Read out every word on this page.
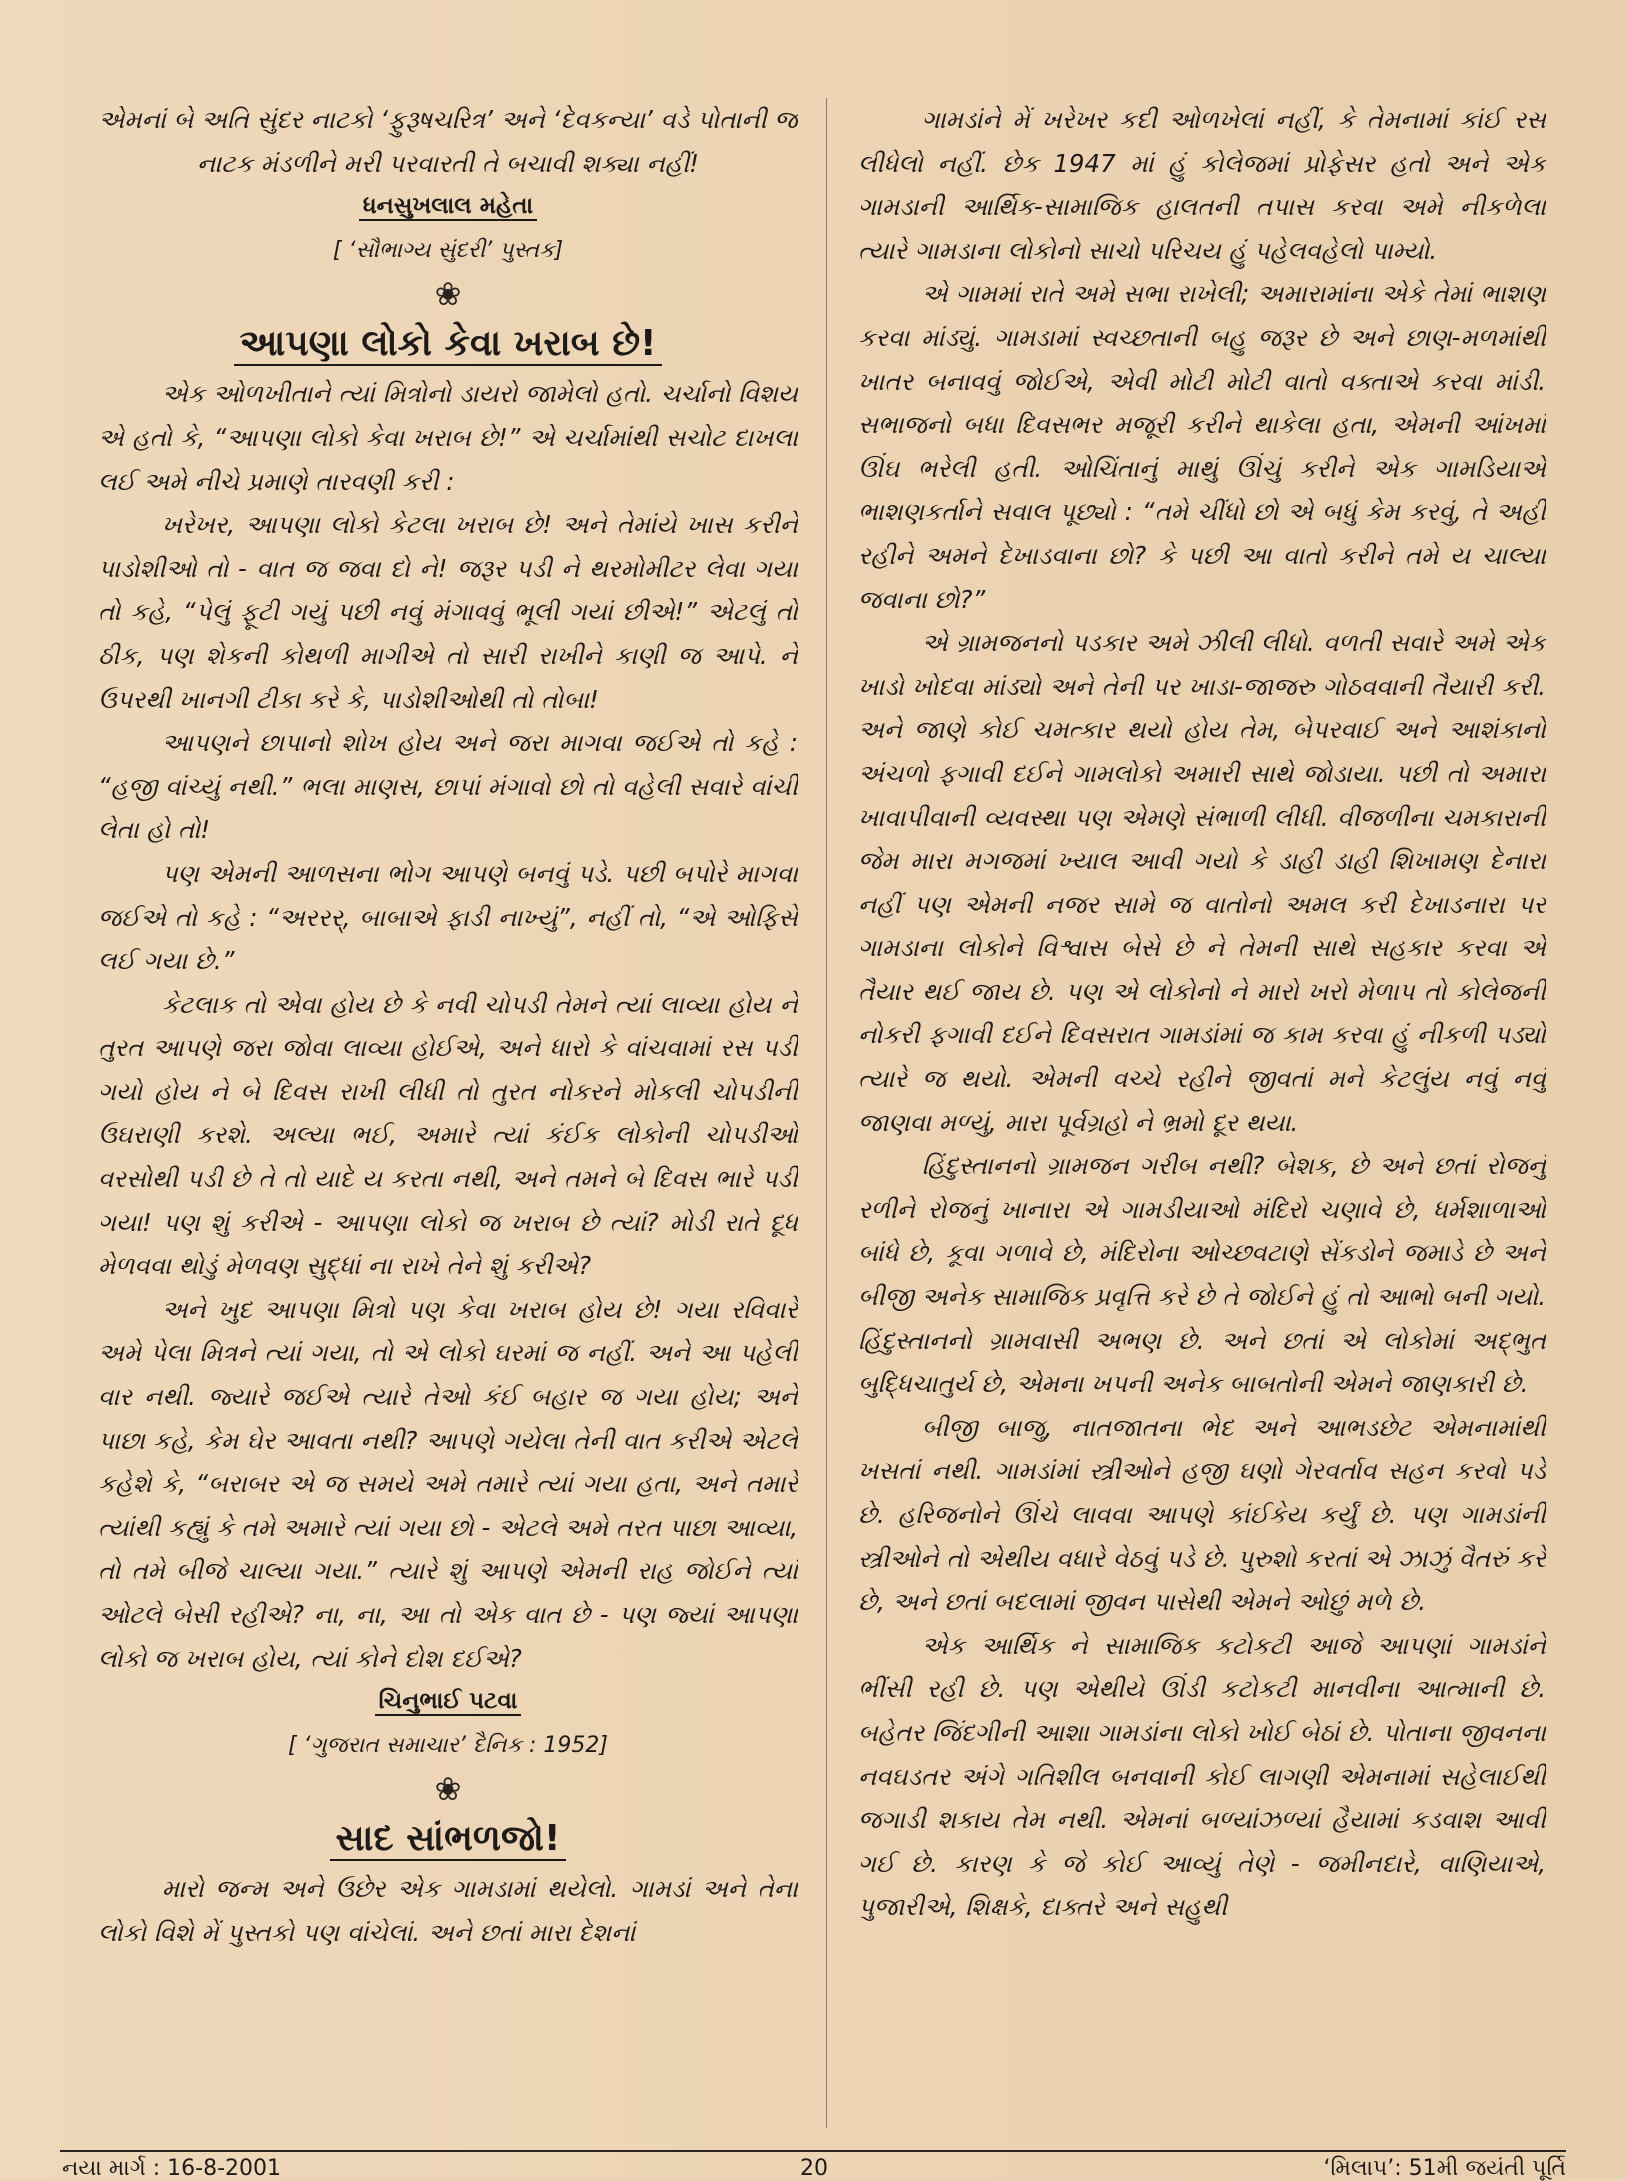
એમનાં બે અતિ સુંદર નાટકો ‘ફુરૂષચરિત્ર’ અને ‘દેવકન્યા’ વડે પોતાની જ નાટક મંડળીને મરી પરવારતી તે બચાવી શક્યા નહીં!

ધનસુખલાલ મહેતા

[ ‘સૌભાગ્ય સુંદરી’ પુસ્તક]

❀

આપણા લોકો કેવા ખરાબ છે!

એક ઓળખીતાને ત્યાં મિત્રોનો ડાયરો જામેલો હતો. ચર્ચાનો વિશય એ હતો કે, “આપણા લોકો કેવા ખરાબ છે!” એ ચર્ચામાંથી સચોટ દાખલા લઈ અમે નીચે પ્રમાણે તારવણી કરી :

ખરેખર, આપણા લોકો કેટલા ખરાબ છે! અને તેમાંયે ખાસ કરીને પાડોશીઓ તો - વાત જ જવા દો ને! જરૂર પડી ને થરમોમીટર લેવા ગયા તો કહે, “પેલું ફૂટી ગયું પછી નવું મંગાવવું ભૂલી ગયાં છીએ!” એટલું તો ઠીક, પણ શેકની કોથળી માગીએ તો સારી રાખીને કાણી જ આપે. ને ઉપરથી ખાનગી ટીકા કરે કે, પાડોશીઓથી તો તોબા!

આપણને છાપાનો શોખ હોય અને જરા માગવા જઈએ તો કહે : “હજી વાંચ્યું નથી.” ભલા માણસ, છાપાં મંગાવો છો તો વહેલી સવારે વાંચી લેતા હો તો!

પણ એમની આળસના ભોગ આપણે બનવું પડે. પછી બપોરે માગવા જઈએ તો કહે : “અરરર્, બાબાએ ફાડી નાખ્યું”, નહીં તો, “એ ઓફિસે લઈ ગયા છે.”

કેટલાક તો એવા હોય છે કે નવી ચોપડી તેમને ત્યાં લાવ્યા હોય ને તુરત આપણે જરા જોવા લાવ્યા હોઈએ, અને ધારો કે વાંચવામાં રસ પડી ગયો હોય ને બે દિવસ રાખી લીધી તો તુરત નોકરને મોકલી ચોપડીની ઉઘરાણી કરશે. અલ્યા ભઈ, અમારે ત્યાં કંઈક લોકોની ચોપડીઓ વરસોથી પડી છે તે તો યાદે ય કરતા નથી, અને તમને બે દિવસ ભારે પડી ગયા! પણ શું કરીએ - આપણા લોકો જ ખરાબ છે ત્યાં? મોડી રાતે દૂધ મેળવવા થોડું મેળવણ સુદ્ધાં ના રાખે તેને શું કરીએ?

અને ખુદ આપણા મિત્રો પણ કેવા ખરાબ હોય છે! ગયા રવિવારે અમે પેલા મિત્રને ત્યાં ગયા, તો એ લોકો ઘરમાં જ નહીં. અને આ પહેલી વાર નથી. જ્યારે જઈએ ત્યારે તેઓ કંઈ બહાર જ ગયા હોય; અને પાછા કહે, કેમ ઘેર આવતા નથી? આપણે ગયેલા તેની વાત કરીએ એટલે કહેશે કે, “બરાબર એ જ સમયે અમે તમારે ત્યાં ગયા હતા, અને તમારે ત્યાંથી કહ્યું કે તમે અમારે ત્યાં ગયા છો - એટલે અમે તરત પાછા આવ્યા, તો તમે બીજે ચાલ્યા ગયા.” ત્યારે શું આપણે એમની રાહ જોઈને ત્યાં ઓટલે બેસી રહીએ? ના, ના, આ તો એક વાત છે - પણ જ્યાં આપણા લોકો જ ખરાબ હોય, ત્યાં કોને દોશ દઈએ?

ચિનુભાઈ પટવા

[ ‘ગુજરાત સમાચાર’ દૈનિક : 1952]

❀

સાદ સાંભળજો!

મારો જન્મ અને ઉછેર એક ગામડામાં થયેલો. ગામડાં અને તેના લોકો વિશે મેં પુસ્તકો પણ વાંચેલાં. અને છતાં મારા દેશનાં

ગામડાંને મેં ખરેખર કદી ઓળખેલાં નહીં, કે તેમનામાં કાંઈ રસ લીધેલો નહીં. છેક 1947 માં હું કોલેજમાં પ્રોફેસર હતો અને એક ગામડાની આર્થિક-સામાજિક હાલતની તપાસ કરવા અમે નીકળેલા ત્યારે ગામડાના લોકોનો સાચો પરિચય હું પહેલવહેલો પામ્યો.

એ ગામમાં રાતે અમે સભા રાખેલી; અમારામાંના એકે તેમાં ભાશણ કરવા માંડ્યું. ગામડામાં સ્વચ્છતાની બહુ જરૂર છે અને છાણ-મળમાંથી ખાતર બનાવવું જોઈએ, એવી મોટી મોટી વાતો વક્તાએ કરવા માંડી. સભાજનો બધા દિવસભર મજૂરી કરીને થાકેલા હતા, એમની આંખમાં ઊંઘ ભરેલી હતી. ઓચિંતાનું માથું ઊંચું કરીને એક ગામડિયાએ ભાશણકર્તાને સવાલ પૂછ્યો : “તમે ચીંધો છો એ બધું કેમ કરવું, તે અહીં રહીને અમને દેખાડવાના છો? કે પછી આ વાતો કરીને તમે ય ચાલ્યા જવાના છો?”

એ ગ્રામજનનો પડકાર અમે ઝીલી લીધો. વળતી સવારે અમે એક ખાડો ખોદવા માંડ્યો અને તેની પર ખાડા-જાજરુ ગોઠવવાની તૈયારી કરી. અને જાણે કોઈ ચમત્કાર થયો હોય તેમ, બેપરવાઈ અને આશંકાનો અંચળો ફગાવી દઈને ગામલોકો અમારી સાથે જોડાયા. પછી તો અમારા ખાવાપીવાની વ્યવસ્થા પણ એમણે સંભાળી લીધી. વીજળીના ચમકારાની જેમ મારા મગજમાં ખ્યાલ આવી ગયો કે ડાહી ડાહી શિખામણ દેનારા નહીં પણ એમની નજર સામે જ વાતોનો અમલ કરી દેખાડનારા પર ગામડાના લોકોને વિશ્વાસ બેસે છે ને તેમની સાથે સહકાર કરવા એ તૈયાર થઈ જાય છે. પણ એ લોકોનો ને મારો ખરો મેળાપ તો કોલેજની નોકરી ફગાવી દઈને દિવસરાત ગામડાંમાં જ કામ કરવા હું નીકળી પડ્યો ત્યારે જ થયો. એમની વચ્ચે રહીને જીવતાં મને કેટલુંય નવું નવું જાણવા મળ્યું, મારા પૂર્વગ્રહો ને ભ્રમો દૂર થયા.

હિંદુસ્તાનનો ગ્રામજન ગરીબ નથી? બેશક, છે અને છતાં રોજનું રળીને રોજનું ખાનારા એ ગામડીયાઓ મંદિરો ચણાવે છે, ધર્મશાળાઓ બાંધે છે, કૂવા ગળાવે છે, મંદિરોના ઓચ્છવટાણે સેંકડોને જમાડે છે અને બીજી અનેક સામાજિક પ્રવૃત્તિ કરે છે તે જોઈને હું તો આભો બની ગયો. હિંદુસ્તાનનો ગ્રામવાસી અભણ છે. અને છતાં એ લોકોમાં અદ્ભુત બુદ્ધિચાતુર્ય છે, એમના ખપની અનેક બાબતોની એમને જાણકારી છે.

બીજી બાજુ, નાતજાતના ભેદ અને આભડછેટ એમનામાંથી ખસતાં નથી. ગામડાંમાં સ્ત્રીઓને હજી ઘણો ગેરવર્તાવ સહન કરવો પડે છે. હરિજનોને ઊંચે લાવવા આપણે કાંઈકેય કર્યું છે. પણ ગામડાંની સ્ત્રીઓને તો એથીય વધારે વેઠવું પડે છે. પુરુશો કરતાં એ ઝાઝું વૈતરું કરે છે, અને છતાં બદલામાં જીવન પાસેથી એમને ઓછું મળે છે.

એક આર્થિક ને સામાજિક કટોકટી આજે આપણાં ગામડાંને ભીંસી રહી છે. પણ એથીયે ઊંડી કટોકટી માનવીના આત્માની છે. બહેતર જિંદગીની આશા ગામડાંના લોકો ખોઈ બેઠાં છે. પોતાના જીવનના નવઘડતર અંગે ગતિશીલ બનવાની કોઈ લાગણી એમનામાં સહેલાઈથી જગાડી શકાય તેમ નથી. એમનાં બળ્યાંઝળ્યાં હૈયામાં કડવાશ આવી ગઈ છે. કારણ કે જે કોઈ આવ્યું તેણે - જમીનદારે, વાણિયાએ, પુજારીએ, શિક્ષકે, દાક્તરે અને સહુથી

નયા માર્ગ : 16-8-2001	20	‘મિલાપ’: 51મી જયંતી પૂર્તિ
